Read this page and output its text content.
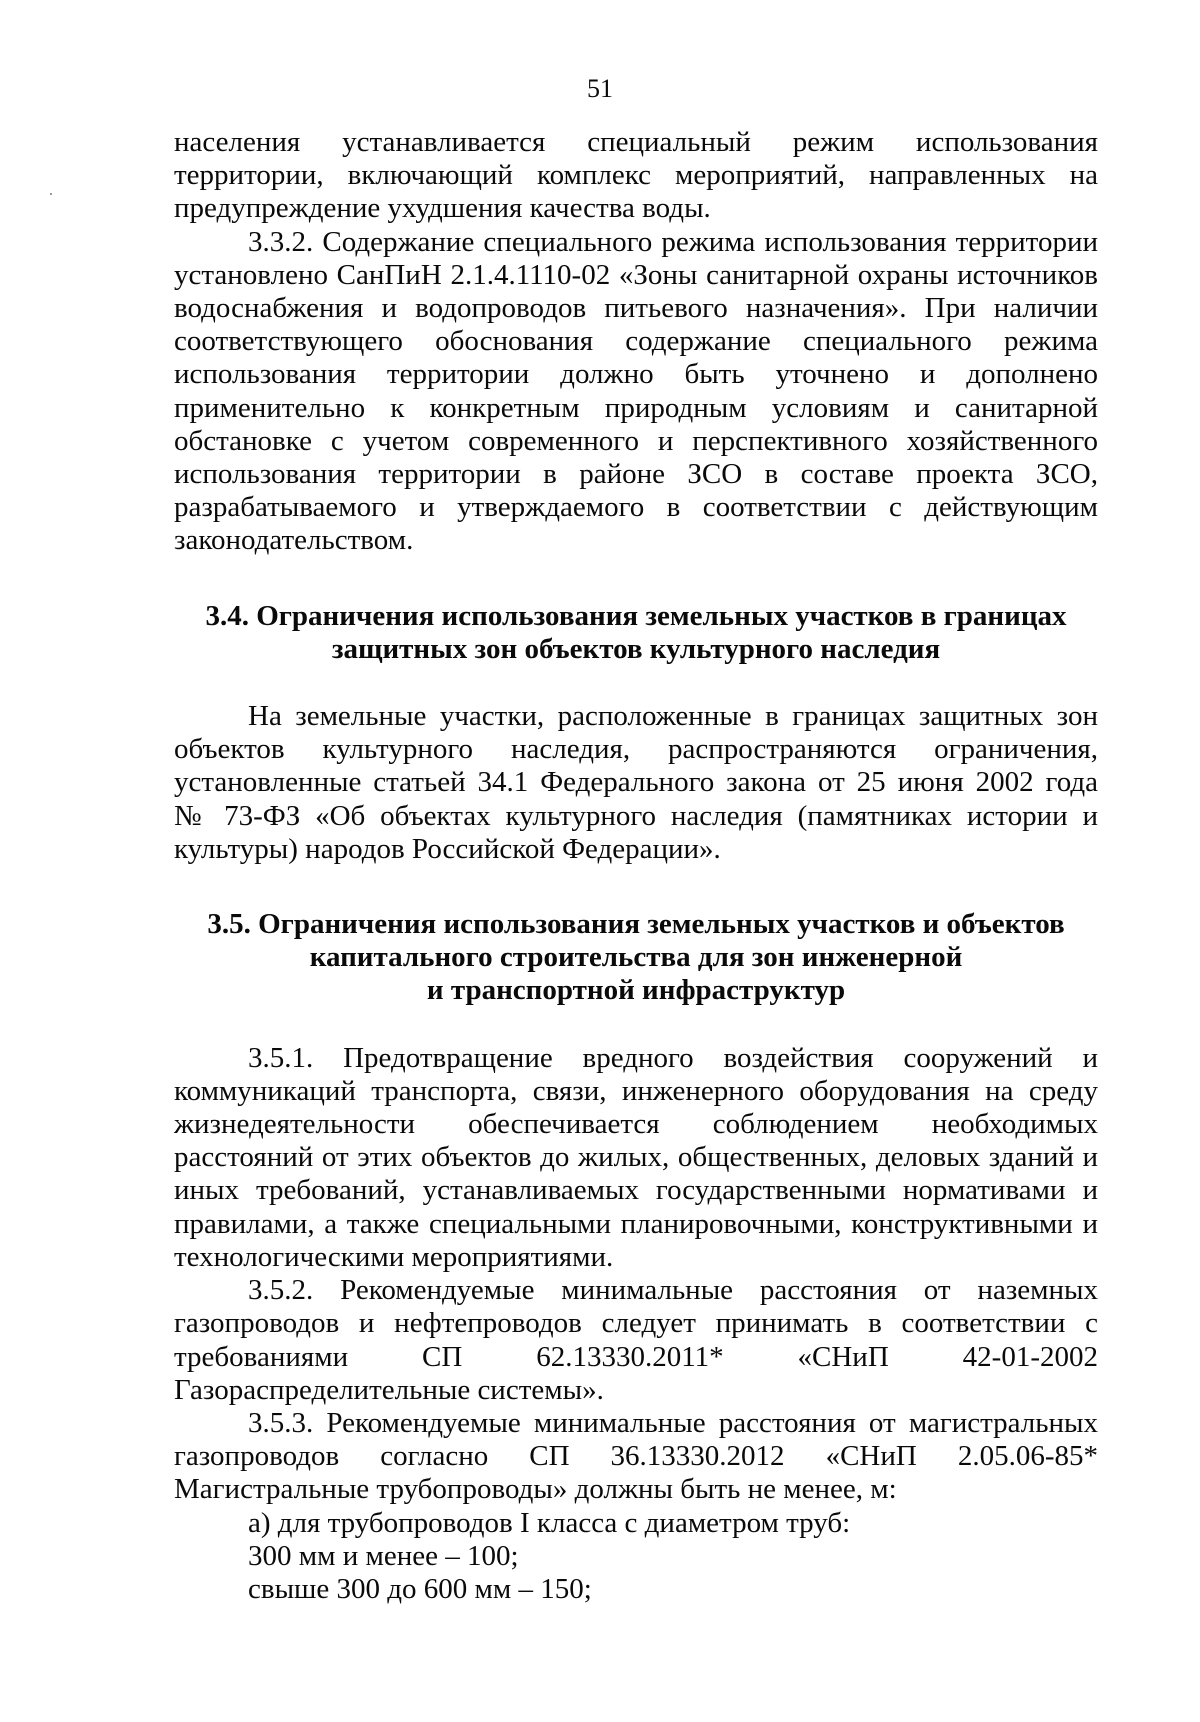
51

населения устанавливается специальный режим использования
территории, включающий комплекс мероприятий, направленных на
предупреждение ухудшения качества воды.

3.3.2. Содержание специального режима использования территории
установлено СанПиН 2.1.4.1110-02 «Зоны санитарной охраны источников
водоснабжения и водопроводов питьевого назначения». При наличии
соответствующего обоснования содержание специального режима
использования территории должно быть уточнено и дополнено
применительно к конкретным природным условиям и санитарной
обстановке с учетом современного и перспективного хозяйственного
использования территории в районе ЗСО в составе проекта ЗСО,
разрабатываемого и утверждаемого в соответствии с действующим
законодательством.

3.4. Ограничения использования земельных участков в границах
защитных зон объектов культурного наследия

На земельные участки, расположенные в границах защитных зон
объектов культурного наследия, распространяются ограничения,
установленные статьей 34.1 Федерального закона от 25 июня 2002 года
№ 73-ФЗ «Об объектах культурного наследия (памятниках истории и
культуры) народов Российской Федерации».

3.5. Ограничения использования земельных участков и объектов
капитального строительства для зон инженерной
и транспортной инфраструктур

3.5.1. Предотвращение вредного воздействия сооружений и
коммуникаций транспорта, связи, инженерного оборудования на среду
жизнедеятельности обеспечивается соблюдением необходимых
расстояний от этих объектов до жилых, общественных, деловых зданий и
иных требований, устанавливаемых государственными нормативами и
правилами, а также специальными планировочными, конструктивными и
технологическими мероприятиями.

3.5.2. Рекомендуемые минимальные расстояния от наземных
газопроводов и нефтепроводов следует принимать в соответствии с
требованиями СП 62.13330.2011* «СНиП 42-01-2002
Газораспределительные системы».

3.5.3. Рекомендуемые минимальные расстояния от магистральных
газопроводов согласно СП 36.13330.2012 «СНиП 2.05.06-85*
Магистральные трубопроводы» должны быть не менее, м:

а) для трубопроводов I класса с диаметром труб:

300 мм и менее – 100;

свыше 300 до 600 мм – 150;
